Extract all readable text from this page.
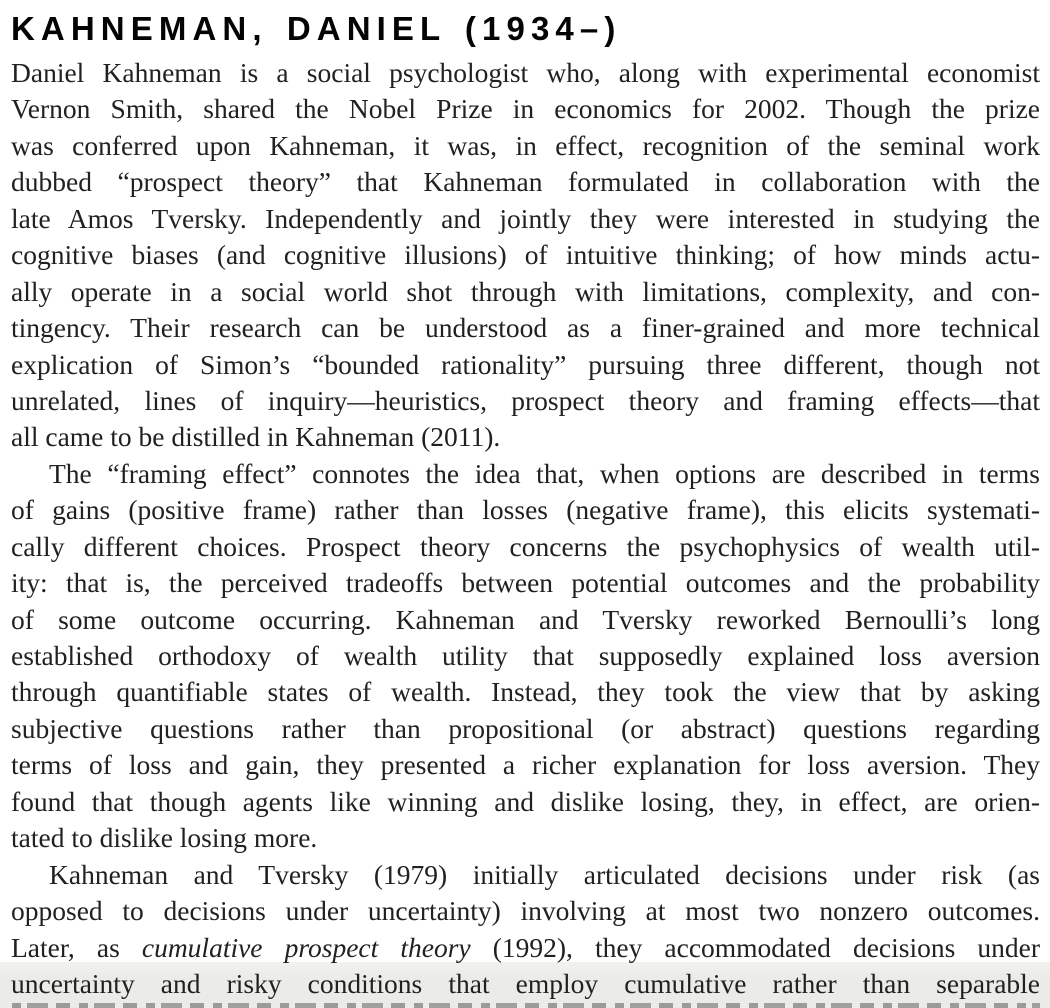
KAHNEMAN, DANIEL (1934–)
Daniel Kahneman is a social psychologist who, along with experimental economist
Vernon Smith, shared the Nobel Prize in economics for 2002. Though the prize
was conferred upon Kahneman, it was, in effect, recognition of the seminal work
dubbed “prospect theory” that Kahneman formulated in collaboration with the
late Amos Tversky. Independently and jointly they were interested in studying the
cognitive biases (and cognitive illusions) of intuitive thinking; of how minds actu-
ally operate in a social world shot through with limitations, complexity, and con-
tingency. Their research can be understood as a finer-grained and more technical
explication of Simon’s “bounded rationality” pursuing three different, though not
unrelated, lines of inquiry—heuristics, prospect theory and framing effects—that
all came to be distilled in Kahneman (2011).
The “framing effect” connotes the idea that, when options are described in terms
of gains (positive frame) rather than losses (negative frame), this elicits systemati-
cally different choices. Prospect theory concerns the psychophysics of wealth util-
ity: that is, the perceived tradeoffs between potential outcomes and the probability
of some outcome occurring. Kahneman and Tversky reworked Bernoulli’s long
established orthodoxy of wealth utility that supposedly explained loss aversion
through quantifiable states of wealth. Instead, they took the view that by asking
subjective questions rather than propositional (or abstract) questions regarding
terms of loss and gain, they presented a richer explanation for loss aversion. They
found that though agents like winning and dislike losing, they, in effect, are orien-
tated to dislike losing more.
Kahneman and Tversky (1979) initially articulated decisions under risk (as
opposed to decisions under uncertainty) involving at most two nonzero outcomes.
Later, as cumulative prospect theory (1992), they accommodated decisions under
uncertainty and risky conditions that employ cumulative rather than separable
